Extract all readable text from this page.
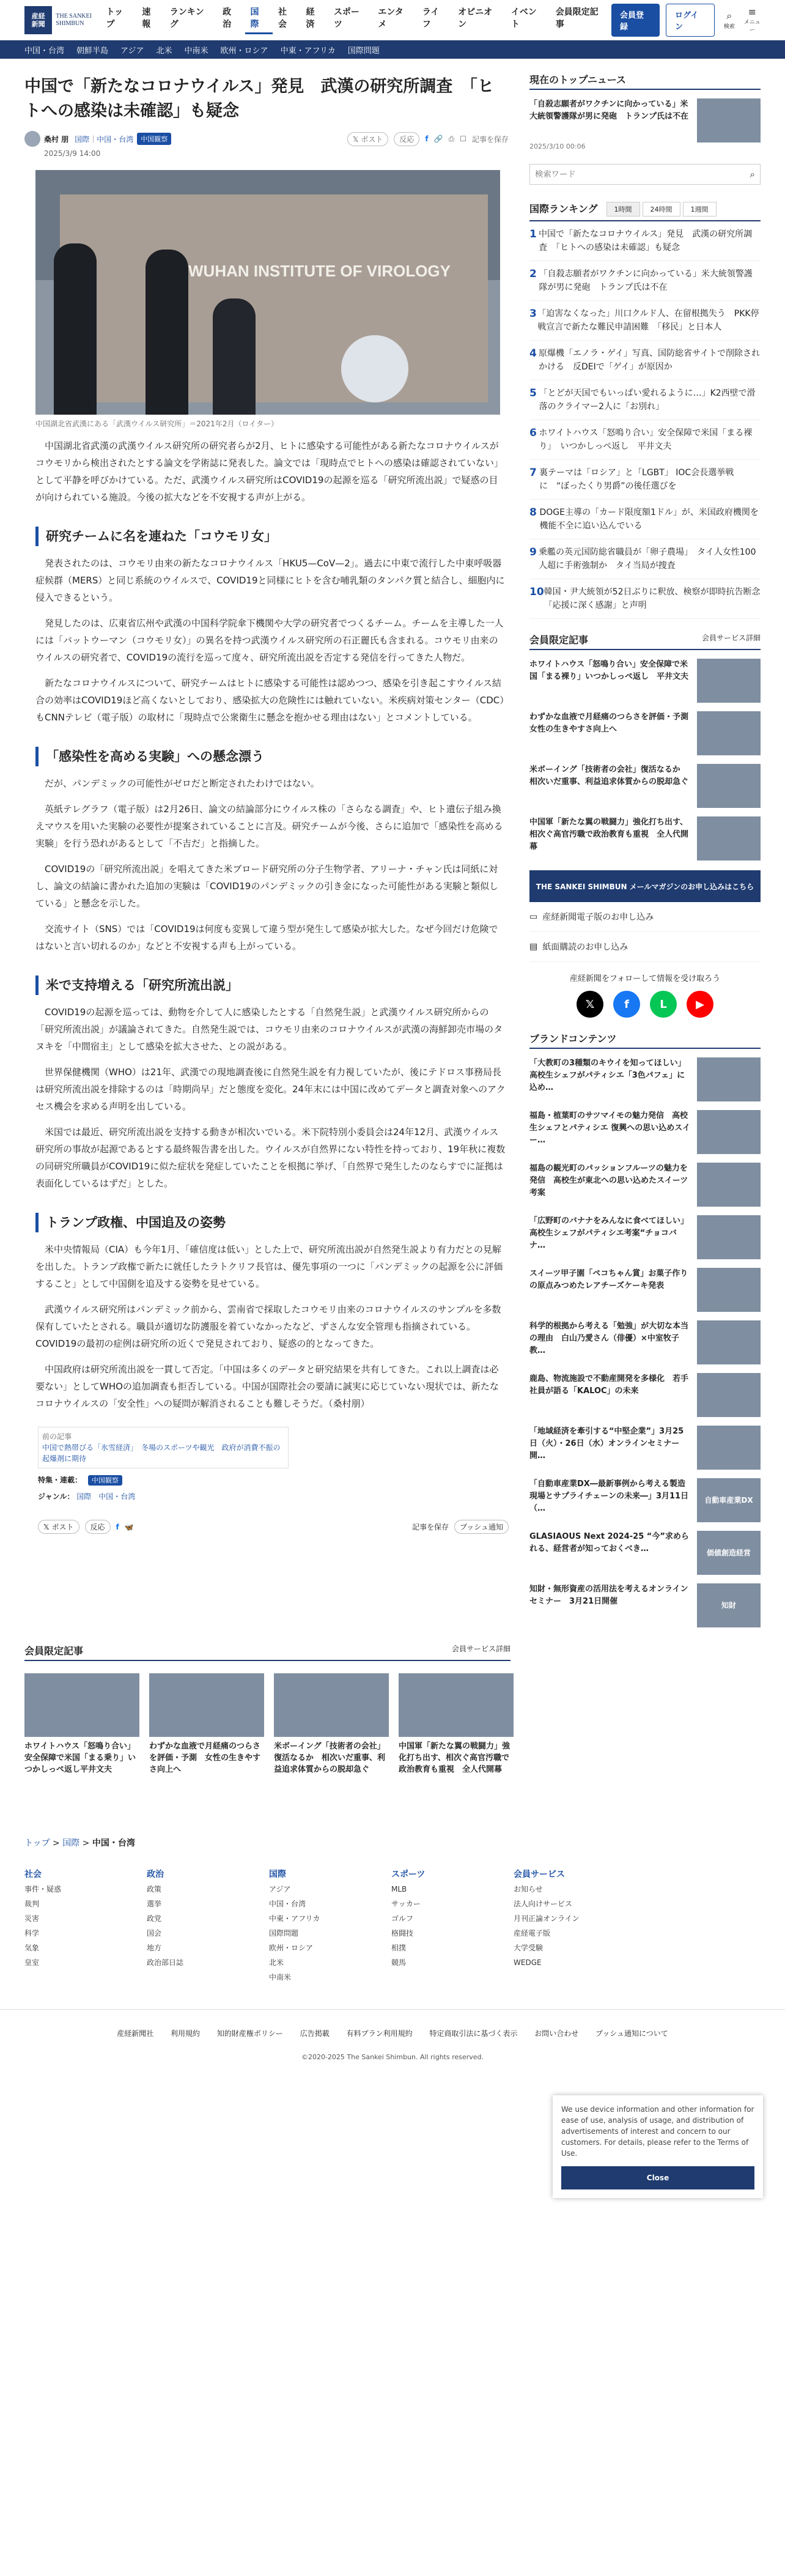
産経
新聞
THE SANKEI SHIMBUN
トップ
速報
ランキング
政治
国際
社会
経済
スポーツ
エンタメ
ライフ
オピニオン
イベント
会員限定記事
会員登録
ログイン
⌕
検索
≡
メニュー
中国・台湾 朝鮮半島 アジア 北米 中南米 欧州・ロシア 中東・アフリカ 国際問題
中国で「新たなコロナウイルス」発見　武漢の研究所調査　「ヒトへの感染は未確認」も疑念
桑村 朋 国際 ｜ 中国・台湾	中国観察	𝕏 ポスト	反応	f 🔗 ⎙ ☐ 記事を保存
2025/3/9 14:00
WUHAN INSTITUTE OF VIROLOGY
中国湖北省武漢にある「武漢ウイルス研究所」＝2021年2月（ロイター）

中国湖北省武漢の武漢ウイルス研究所の研究者らが2月、ヒトに感染する可能性がある新たなコロナウイルスがコウモリから検出されたとする論文を学術誌に発表した。論文では「現時点でヒトへの感染は確認されていない」として平静を呼びかけている。ただ、武漢ウイルス研究所はCOVID19の起源を巡る「研究所流出説」で疑惑の目が向けられている施設。今後の拡大などを不安視する声が上がる。

研究チームに名を連ねた「コウモリ女」

発表されたのは、コウモリ由来の新たなコロナウイルス「HKU5—CoV—2」。過去に中東で流行した中東呼吸器症候群（MERS）と同じ系統のウイルスで、COVID19と同様にヒトを含む哺乳類のタンパク質と結合し、細胞内に侵入できるという。

発見したのは、広東省広州や武漢の中国科学院傘下機関や大学の研究者でつくるチーム。チームを主導した一人には「バットウーマン（コウモリ女）」の異名を持つ武漢ウイルス研究所の石正麗氏も含まれる。コウモリ由来のウイルスの研究者で、COVID19の流行を巡って度々、研究所流出説を否定する発信を行ってきた人物だ。

新たなコロナウイルスについて、研究チームはヒトに感染する可能性は認めつつ、感染を引き起こすウイルス結合の効率はCOVID19ほど高くないとしており、感染拡大の危険性には触れていない。米疾病対策センター（CDC）もCNNテレビ（電子版）の取材に「現時点で公衆衛生に懸念を抱かせる理由はない」とコメントしている。

「感染性を高める実験」への懸念漂う

だが、パンデミックの可能性がゼロだと断定されたわけではない。

英紙テレグラフ（電子版）は2月26日、論文の結論部分にウイルス株の「さらなる調査」や、ヒト遺伝子組み換えマウスを用いた実験の必要性が提案されていることに言及。研究チームが今後、さらに追加で「感染性を高める実験」を行う恐れがあるとして「不吉だ」と指摘した。

COVID19の「研究所流出説」を唱えてきた米ブロード研究所の分子生物学者、アリーナ・チャン氏は同紙に対し、論文の結論に書かれた追加の実験は「COVID19のパンデミックの引き金になった可能性がある実験と類似している」と懸念を示した。

交流サイト（SNS）では「COVID19は何度も変異して違う型が発生して感染が拡大した。なぜ今回だけ危険ではないと言い切れるのか」などと不安視する声も上がっている。

米で支持増える「研究所流出説」

COVID19の起源を巡っては、動物を介して人に感染したとする「自然発生説」と武漢ウイルス研究所からの「研究所流出説」が議論されてきた。自然発生説では、コウモリ由来のコロナウイルスが武漢の海鮮卸売市場のタヌキを「中間宿主」として感染を拡大させた、との説がある。

世界保健機関（WHO）は21年、武漢での現地調査後に自然発生説を有力視していたが、後にテドロス事務局長は研究所流出説を排除するのは「時期尚早」だと態度を変化。24年末には中国に改めてデータと調査対象へのアクセス機会を求める声明を出している。

米国では最近、研究所流出説を支持する動きが相次いでいる。米下院特別小委員会は24年12月、武漢ウイルス研究所の事故が起源であるとする最終報告書を出した。ウイルスが自然界にない特性を持っており、19年秋に複数の同研究所職員がCOVID19に似た症状を発症していたことを根拠に挙げ、「自然界で発生したのならすでに証拠は表面化しているはずだ」とした。

トランプ政権、中国追及の姿勢

米中央情報局（CIA）も今年1月、「確信度は低い」とした上で、研究所流出説が自然発生説より有力だとの見解を出した。トランプ政権で新たに就任したラトクリフ長官は、優先事項の一つに「パンデミックの起源を公に評価すること」として中国側を追及する姿勢を見せている。

武漢ウイルス研究所はパンデミック前から、雲南省で採取したコウモリ由来のコロナウイルスのサンプルを多数保有していたとされる。職員が適切な防護服を着ていなかったなど、ずさんな安全管理も指摘されている。COVID19の最初の症例は研究所の近くで発見されており、疑惑の的となってきた。

中国政府は研究所流出説を一貫して否定。「中国は多くのデータと研究結果を共有してきた。これ以上調査は必要ない」としてWHOの追加調査も拒否している。中国が国際社会の要請に誠実に応じていない現状では、新たなコロナウイルスの「安全性」への疑問が解消されることも難しそうだ。（桑村朋）

前の記事
中国で熱帯びる「氷雪経済」　冬場のスポーツや観光　政府が消費不振の起爆剤に期待
特集・連載： 中国観察
ジャンル： 国際　中国・台湾
𝕏 ポスト	反応	f 🦋	記事を保存	プッシュ通知
現在のトップニュース
「自殺志願者がワクチンに向かっている」米大統領警護隊が男に発砲　トランプ氏は不在
2025/3/10 00:06
検索ワード
⌕
国際ランキング	1時間	24時間	1週間
1 中国で「新たなコロナウイルス」発見　武漢の研究所調査　「ヒトへの感染は未確認」も疑念
2 「自殺志願者がワクチンに向かっている」米大統領警護隊が男に発砲　トランプ氏は不在
3 「迫害なくなった」川口クルド人、在留根拠失う　PKK停戦宣言で新たな難民申請困難　「移民」と日本人
4 原爆機「エノラ・ゲイ」写真、国防総省サイトで削除されかける　反DEIで「ゲイ」が原因か
5 「とどが天国でもいっぱい愛れるように…」K2西壁で滑落のクライマー2人に「お別れ」
6 ホワイトハウス「怒鳴り合い」安全保障で米国「まる裸り」　いつかしっぺ返し　平井文夫
7 裏テーマは「ロシア」と「LGBT」 IOC会長選挙戦に　“ぼったくり男爵”の後任選びを
8 DOGE主導の「カード限度額1ドル」が、米国政府機関を機能不全に追い込んでいる
9 乗艦の英元国防総省職員が「卵子農場」　タイ人女性100人超に手術強制か　タイ当局が捜査
10 韓国・尹大統領が52日ぶりに釈放、検察が即時抗告断念　「応援に深く感謝」と声明
会員限定記事	会員サービス詳細
ホワイトハウス「怒鳴り合い」安全保障で米国「まる裸り」いつかしっぺ返し　平井文夫
わずかな血液で月経痛のつらさを評価・予測　女性の生きやすさ向上へ
米ボーイング「技術者の会社」復活なるか　相次いだ重事、利益追求体質からの脱却急ぐ
中国軍「新たな翼の戦闘力」強化打ち出す、相次ぐ高官汚職で政治教育も重視　全人代開幕
THE SANKEI SHIMBUN メールマガジンのお申し込みはこちら
▭ 産経新聞電子版のお申し込み
▤ 紙面購読のお申し込み
産経新聞をフォローして情報を受け取ろう
𝕏	f	L	▶
ブランドコンテンツ
「大教町の3種類のキウイを知ってほしい」高校生シェフがパティシエ「3色パフェ」に込め…
福島・植葉町のサツマイモの魅力発信　高校生シェフとパティシエ 復興への思い込めスイー…
福島の観光町のパッションフルーツの魅力を発信　高校生が東北への思い込めたスイーツ考案
「広野町のバナナをみんなに食べてほしい」高校生シェフがパティシエ考案“チョコバナ…
スイーツ甲子園「ペコちゃん賞」お菓子作りの原点みつめたレアチーズケーキ発表
科学的根拠から考える「勉強」が大切な本当の理由　白山乃愛さん（俳優）×中室牧子教…
鹿島、物流施設で不動産開発を多様化　若手社員が語る「KALOC」の未来
「地域経済を牽引する“中堅企業”」3月25日（火）・26日（水）オンラインセミナー開…
「自動車産業DX―最新事例から考える製造現場とサプライチェーンの未来―」3月11日（…
自動車産業DX
GLASIAOUS Next 2024-25 “今”求められる、経営者が知っておくべき…	価値創造経営
知財・無形資産の活用法を考えるオンラインセミナー　3月21日開催	知財
会員限定記事	会員サービス詳細
ホワイトハウス「怒鳴り合い」安全保障で米国「まる乗り」いつかしっぺ返し平井文夫
わずかな血液で月経痛のつらさを評価・予測　女性の生きやすさ向上へ
米ボーイング「技術者の会社」復活なるか　相次いだ重事、利益追求体質からの脱却急ぐ
中国軍「新たな翼の戦闘力」強化打ち出す、相次ぐ高官汚職で政治教育も重視　全人代開幕
トップ > 国際 > 中国・台湾
社会
事件・疑惑
裁判
災害
科学
気象
皇室
政治
政策
選挙
政党
国会
地方
政治部日誌
国際
アジア
中国・台湾
中東・アフリカ
国際問題
欧州・ロシア
北米
中南米
スポーツ
MLB
サッカー
ゴルフ
格闘技
相撲
競馬
会員サービス
お知らせ
法人向けサービス
月刊正論オンライン
産経電子版
大学受験
WEDGE
産経新聞社 利用規約 知的財産権ポリシー 広告掲載 有料プラン利用規約 特定商取引法に基づく表示 お問い合わせ プッシュ通知について
©2020-2025 The Sankei Shimbun. All rights reserved.
We use device information and other information for ease of use, analysis of usage, and distribution of advertisements of interest and concern to our customers. For details, please refer to the Terms of Use.
Close
